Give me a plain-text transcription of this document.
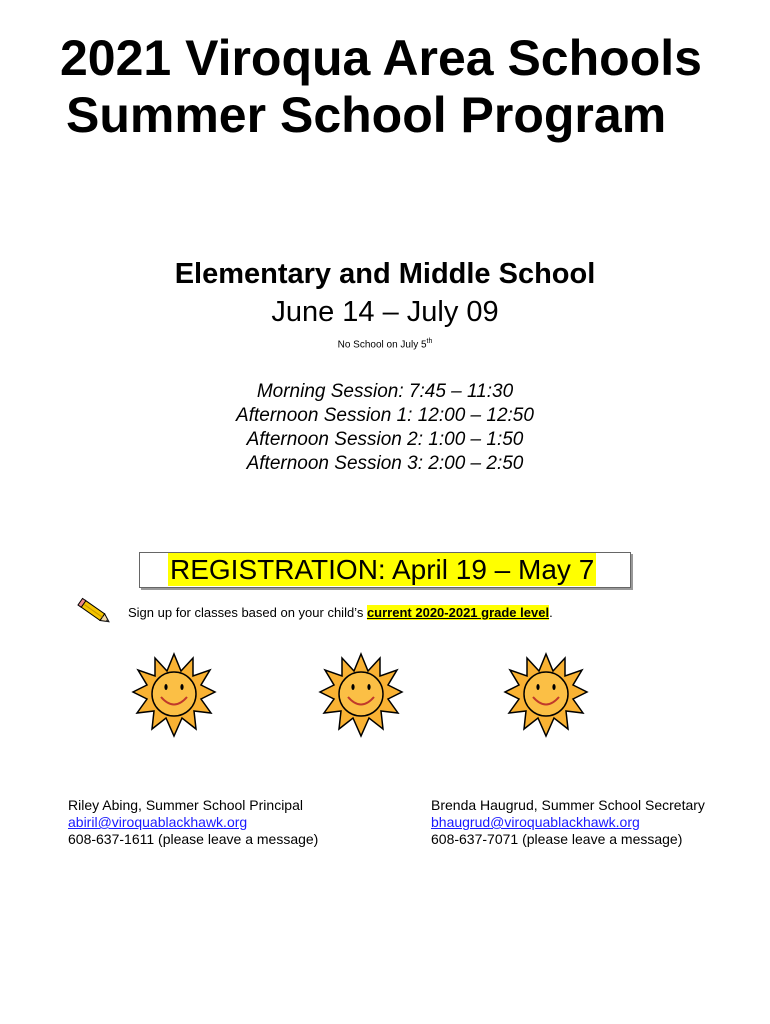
2021 Viroqua Area Schools
Summer School Program
Elementary and Middle School
June 14 – July 09
No School on July 5th
Morning Session: 7:45 – 11:30
Afternoon Session 1: 12:00 – 12:50
Afternoon Session 2: 1:00 – 1:50
Afternoon Session 3: 2:00 – 2:50
REGISTRATION: April 19 – May 7
Sign up for classes based on your child’s current 2020-2021 grade level.
Riley Abing, Summer School Principal
abiril@viroquablackhawk.org
608-637-1611 (please leave a message)
Brenda Haugrud, Summer School Secretary
bhaugrud@viroquablackhawk.org
608-637-7071 (please leave a message)
